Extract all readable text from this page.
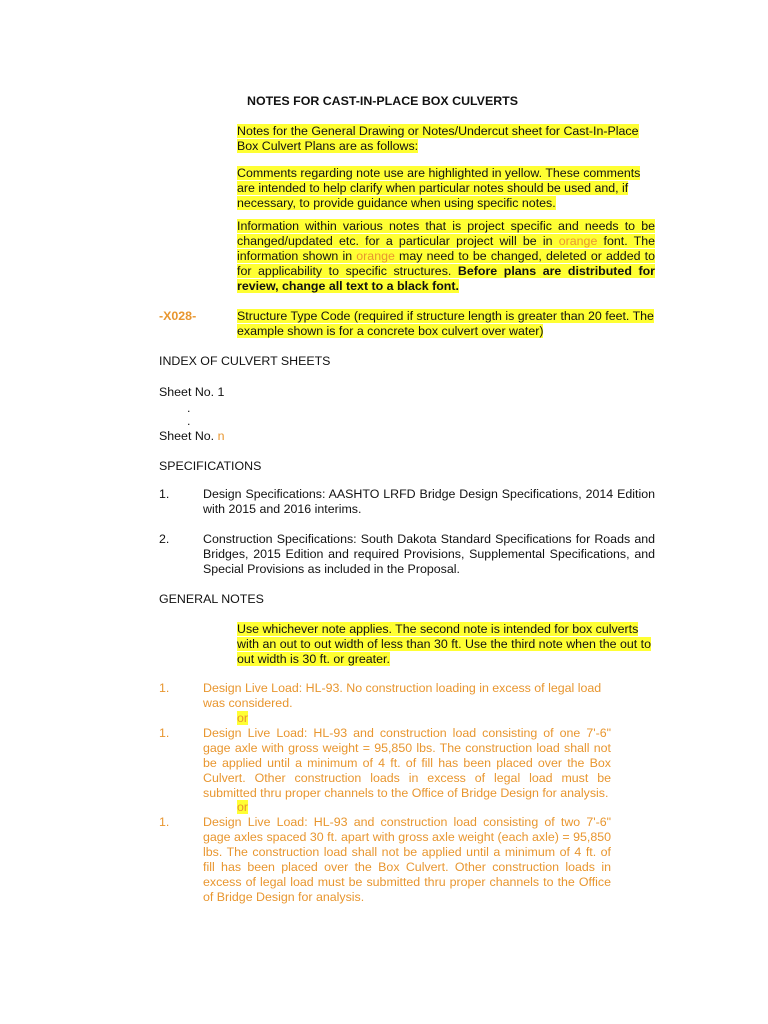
NOTES FOR CAST-IN-PLACE BOX CULVERTS
Notes for the General Drawing or Notes/Undercut sheet for Cast-In-Place Box Culvert Plans are as follows:
Comments regarding note use are highlighted in yellow. These comments are intended to help clarify when particular notes should be used and, if necessary, to provide guidance when using specific notes.
Information within various notes that is project specific and needs to be changed/updated etc. for a particular project will be in orange font. The information shown in orange may need to be changed, deleted or added to for applicability to specific structures. Before plans are distributed for review, change all text to a black font.
-X028-	Structure Type Code (required if structure length is greater than 20 feet. The example shown is for a concrete box culvert over water)
INDEX OF CULVERT SHEETS
Sheet No. 1
.
.
Sheet No. n
SPECIFICATIONS
1.	Design Specifications: AASHTO LRFD Bridge Design Specifications, 2014 Edition with 2015 and 2016 interims.
2.	Construction Specifications: South Dakota Standard Specifications for Roads and Bridges, 2015 Edition and required Provisions, Supplemental Specifications, and Special Provisions as included in the Proposal.
GENERAL NOTES
Use whichever note applies. The second note is intended for box culverts with an out to out width of less than 30 ft. Use the third note when the out to out width is 30 ft. or greater.
1.	Design Live Load: HL-93. No construction loading in excess of legal load was considered.
or
1.	Design Live Load: HL-93 and construction load consisting of one 7'-6" gage axle with gross weight = 95,850 lbs. The construction load shall not be applied until a minimum of 4 ft. of fill has been placed over the Box Culvert. Other construction loads in excess of legal load must be submitted thru proper channels to the Office of Bridge Design for analysis.
or
1.	Design Live Load: HL-93 and construction load consisting of two 7'-6" gage axles spaced 30 ft. apart with gross axle weight (each axle) = 95,850 lbs. The construction load shall not be applied until a minimum of 4 ft. of fill has been placed over the Box Culvert. Other construction loads in excess of legal load must be submitted thru proper channels to the Office of Bridge Design for analysis.
